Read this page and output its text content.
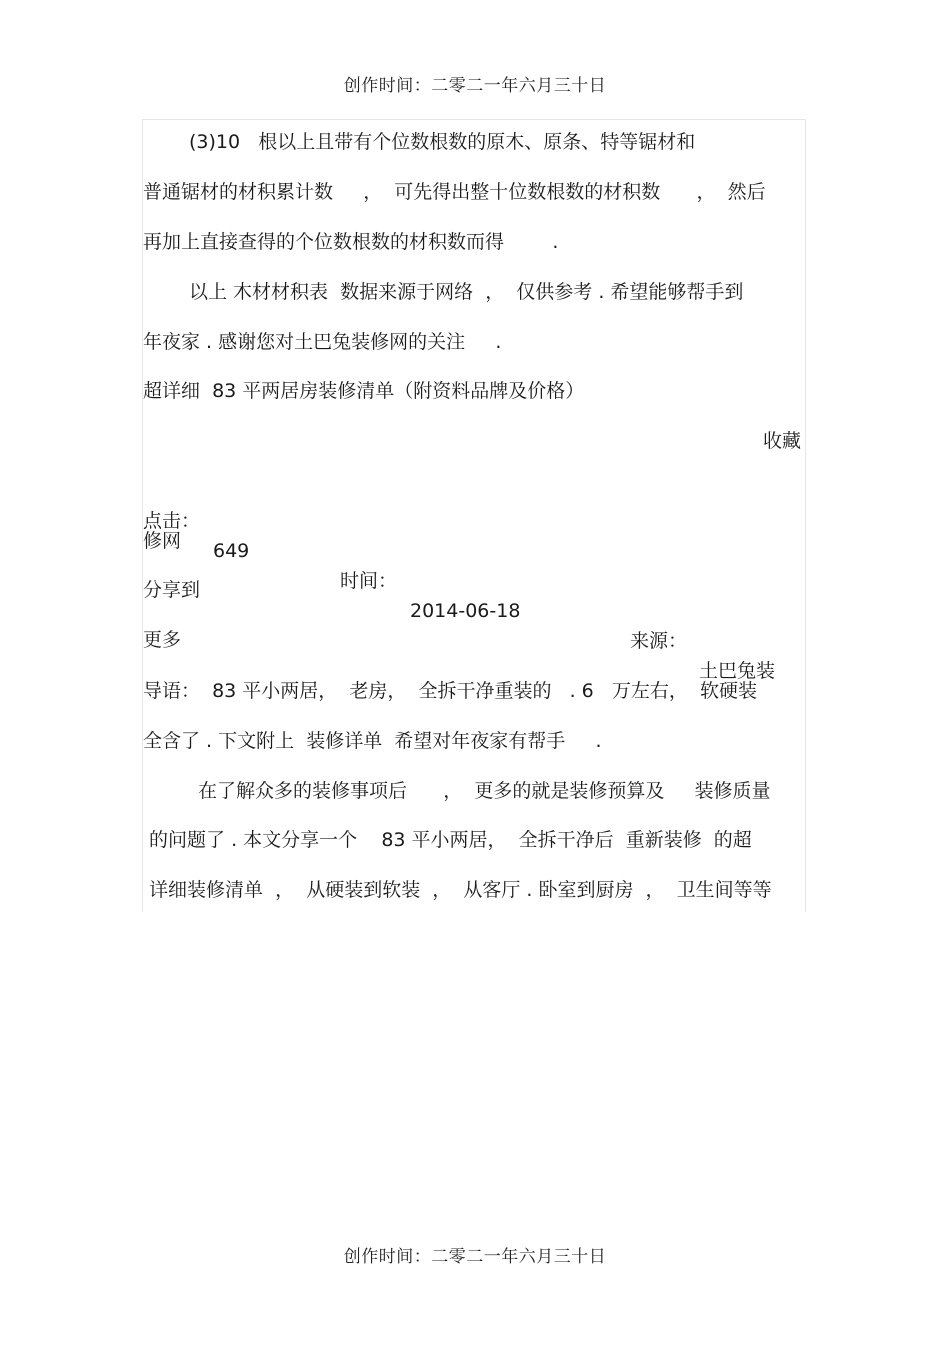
创作时间：二零二一年六月三十日
(3)10   根以上且带有个位数根数的原木、原条、特等锯材和
普通锯材的材积累计数     ，  可先得出整十位数根数的材积数      ，  然后
再加上直接查得的个位数根数的材积数而得        .
以上 木材材积表  数据来源于网络  ，  仅供参考 . 希望能够帮手到
年夜家 . 感谢您对土巴兔装修网的关注     .
超详细  83 平两居房装修清单（附资料品牌及价格）
收藏

点击：

649

时间：

2014-06-18

来源：

土巴兔装

修网
分享到
更多
导语：  83 平小两居，  老房，  全拆干净重装的   . 6   万左右，  软硬装
全含了 . 下文附上  装修详单  希望对年夜家有帮手     .
在了解众多的装修事项后      ，  更多的就是装修预算及     装修质量
的问题了 . 本文分享一个    83 平小两居，  全拆干净后  重新装修  的超
详细装修清单  ，  从硬装到软装  ，  从客厅 . 卧室到厨房  ，  卫生间等等
创作时间：二零二一年六月三十日
